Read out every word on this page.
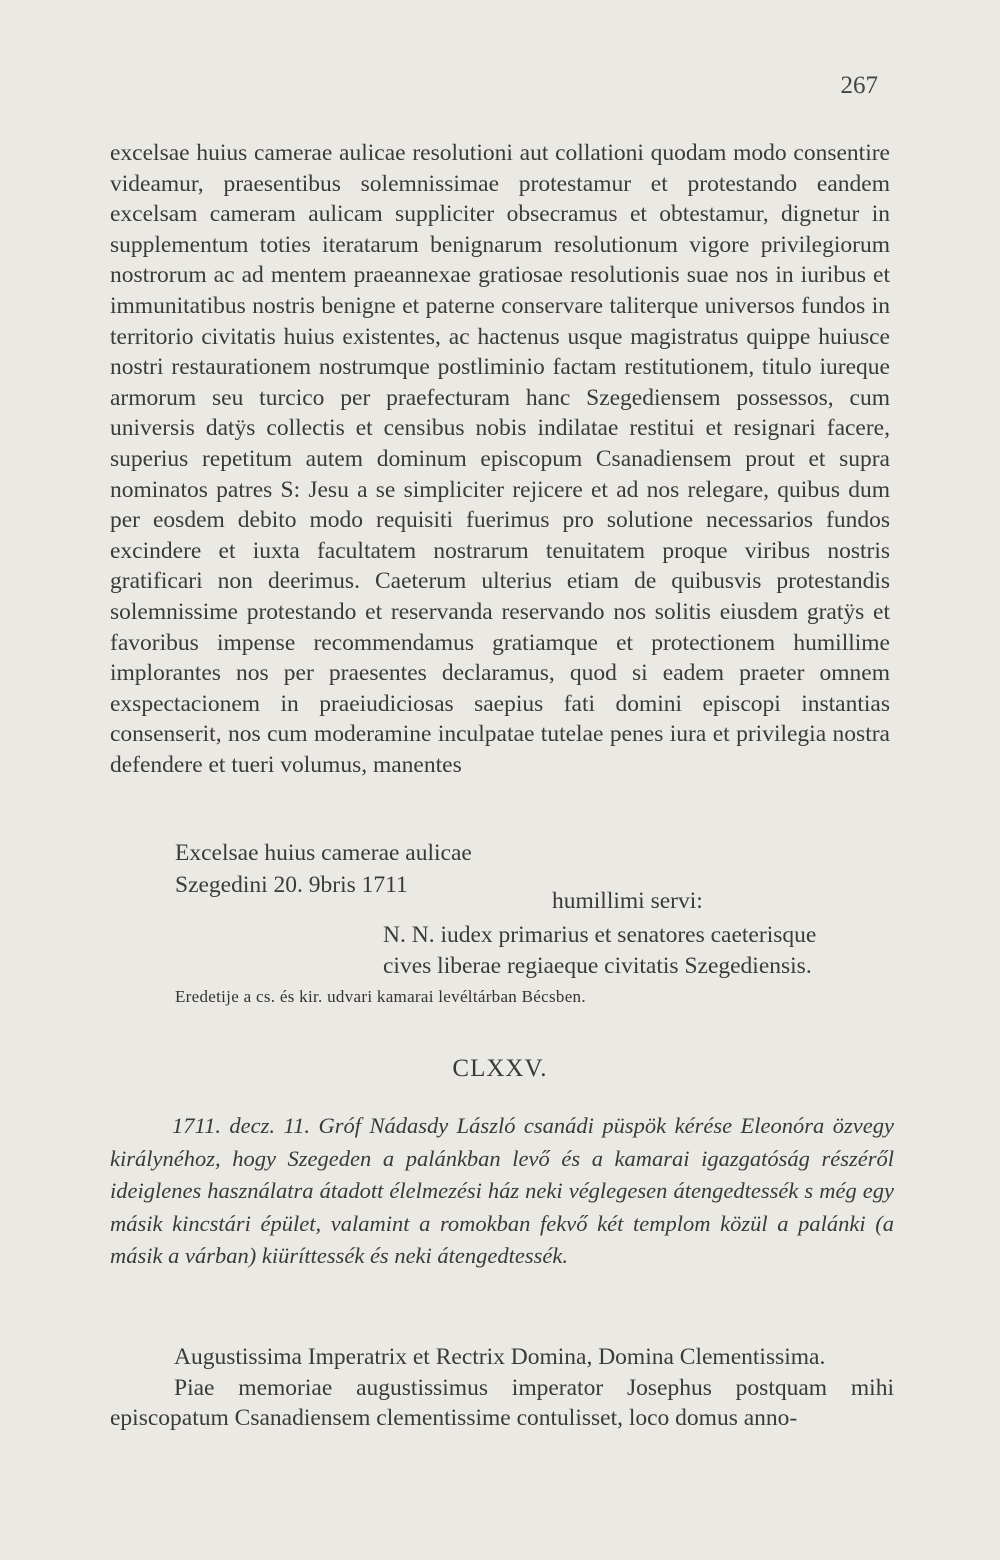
267

excelsae huius camerae aulicae resolutioni aut collationi quodam modo consentire videamur, praesentibus solemnissimae protestamur et protestando eandem excelsam cameram aulicam suppliciter obsecramus et obtestamur, dignetur in supplementum toties iteratarum benignarum resolutionum vigore privilegiorum nostrorum ac ad mentem praeannexae gratiosae resolutionis suae nos in iuribus et immunitatibus nostris benigne et paterne conservare taliterque universos fundos in territorio civitatis huius existentes, ac hactenus usque magistratus quippe huiusce nostri restaurationem nostrumque postliminio factam restitutionem, titulo iureque armorum seu turcico per praefecturam hanc Szegediensem possessos, cum universis datÿs collectis et censibus nobis indilatae restitui et resignari facere, superius repetitum autem dominum episcopum Csanadiensem prout et supra nominatos patres S: Jesu a se simpliciter rejicere et ad nos relegare, quibus dum per eosdem debito modo requisiti fuerimus pro solutione necessarios fundos excindere et iuxta facultatem nostrarum tenuitatem proque viribus nostris gratificari non deerimus. Caeterum ulterius etiam de quibusvis protestandis solemnissime protestando et reservanda reservando nos solitis eiusdem gratÿs et favoribus impense recommendamus gratiamque et protectionem humillime implorantes nos per praesentes declaramus, quod si eadem praeter omnem exspectacionem in praeiudiciosas saepius fati domini episcopi instantias consenserit, nos cum moderamine inculpatae tutelae penes iura et privilegia nostra defendere et tueri volumus, manentes

Excelsae huius camerae aulicae
Szegedini 20. 9bris 1711
humillimi servi:
N. N. iudex primarius et senatores caeterisque
cives liberae regiaeque civitatis Szegediensis.
Eredetije a cs. és kir. udvari kamarai levéltárban Bécsben.
CLXXV.
1711. decz. 11. Gróf Nádasdy László csanádi püspök kérése Eleonóra özvegy királynéhoz, hogy Szegeden a palánkban levő és a kamarai igazgatóság részéről ideiglenes használatra átadott élelmezési ház neki véglegesen átengedtessék s még egy másik kincstári épület, valamint a romokban fekvő két templom közül a palánki (a másik a várban) kiüríttessék és neki átengedtessék.

Augustissima Imperatrix et Rectrix Domina, Domina Clementissima.

Piae memoriae augustissimus imperator Josephus postquam mihi episcopatum Csanadiensem clementissime contulisset, loco domus anno-
